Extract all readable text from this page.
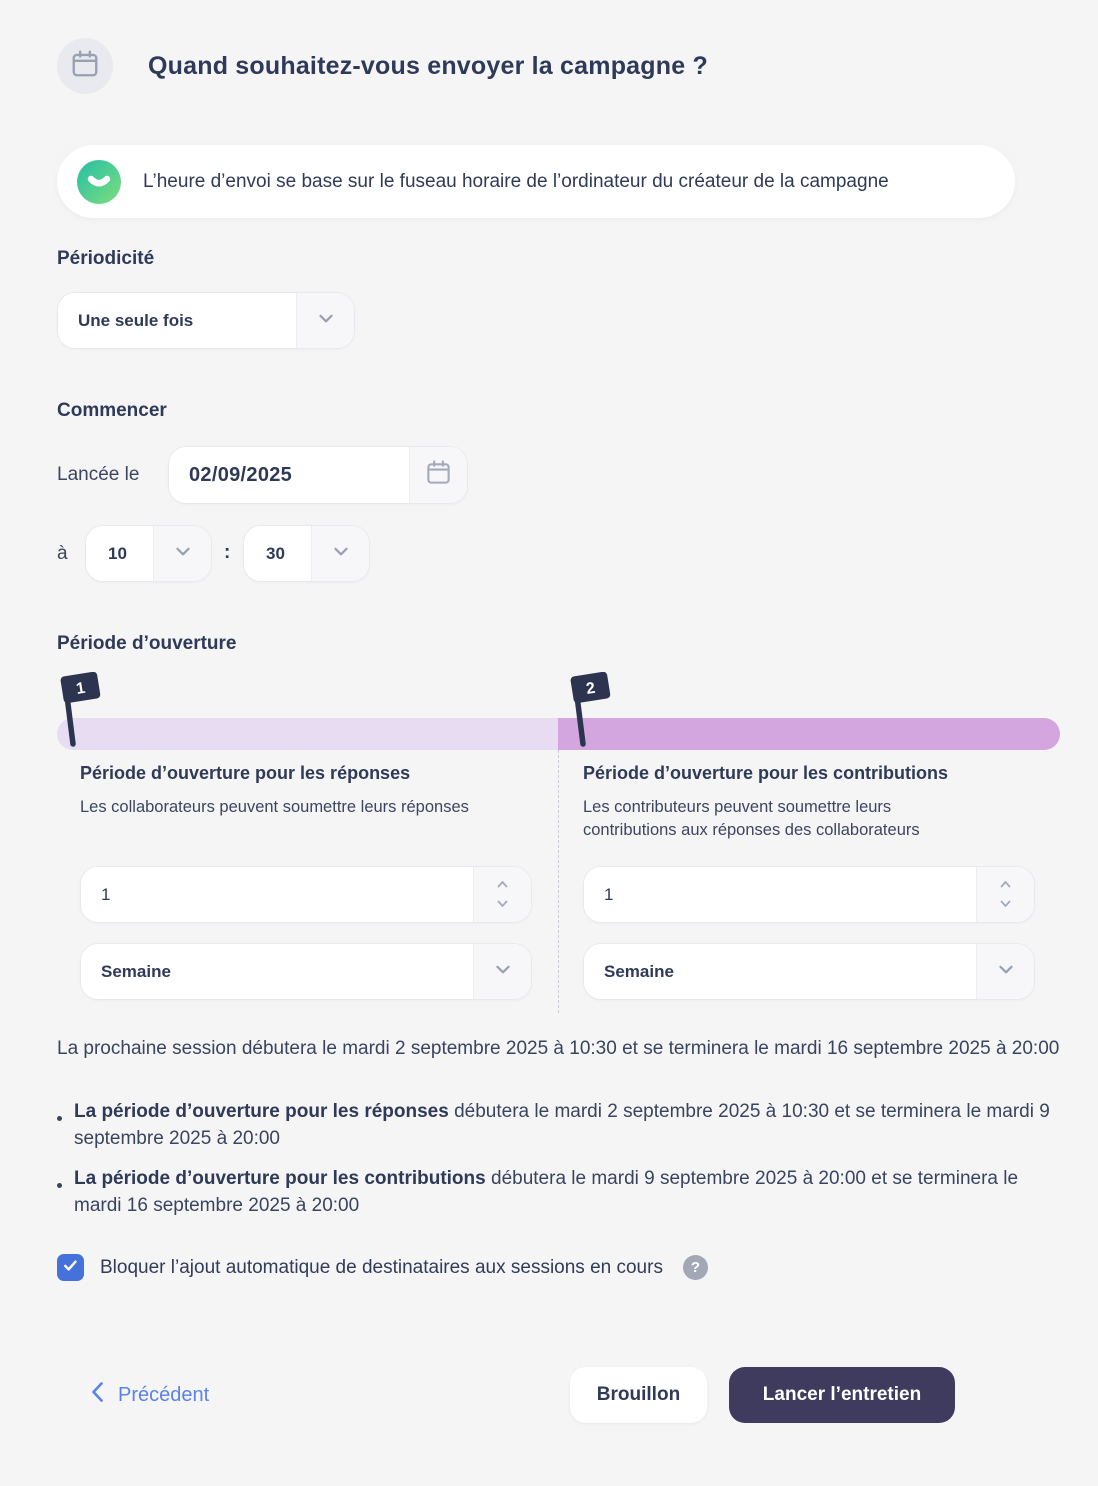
Quand souhaitez-vous envoyer la campagne ?
L’heure d’envoi se base sur le fuseau horaire de l’ordinateur du créateur de la campagne
Périodicité
Une seule fois
Commencer
Lancée le 02/09/2025
à 10	: 30
Période d’ouverture
1	2
Période d’ouverture pour les réponses
Les collaborateurs peuvent soumettre leurs réponses
1
Semaine
Période d’ouverture pour les contributions
Les contributeurs peuvent soumettre leurs contributions aux réponses des collaborateurs
1
Semaine

La prochaine session débutera le mardi 2 septembre 2025 à 10:30 et se terminera le mardi 16 septembre 2025 à 20:00

La période d’ouverture pour les réponses débutera le mardi 2 septembre 2025 à 10:30 et se terminera le mardi 9 septembre 2025 à 20:00
La période d’ouverture pour les contributions débutera le mardi 9 septembre 2025 à 20:00 et se terminera le mardi 16 septembre 2025 à 20:00
Bloquer l’ajout automatique de destinataires aux sessions en cours	?
Précédent	Brouillon	Lancer l’entretien
